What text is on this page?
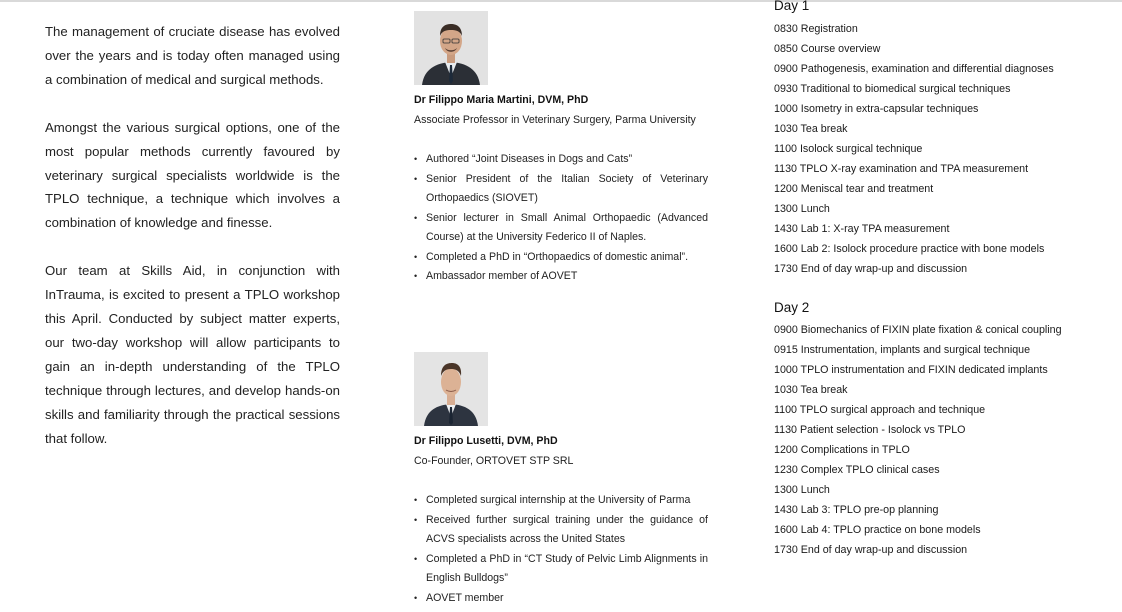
The management of cruciate disease has evolved over the years and is today often managed using a combination of medical and surgical methods.

Amongst the various surgical options, one of the most popular methods currently favoured by veterinary surgical specialists worldwide is the TPLO technique, a technique which involves a combination of knowledge and finesse.

Our team at Skills Aid, in conjunction with InTrauma, is excited to present a TPLO workshop this April. Conducted by subject matter experts, our two-day workshop will allow participants to gain an in-depth understanding of the TPLO technique through lectures, and develop hands-on skills and familiarity through the practical sessions that follow.

Dr Filippo Maria Martini, DVM, PhD
Associate Professor in Veterinary Surgery, Parma University
• Authored “Joint Diseases in Dogs and Cats”
• Senior President of the Italian Society of Veterinary Orthopaedics (SIOVET)
• Senior lecturer in Small Animal Orthopaedic (Advanced Course) at the University Federico II of Naples.
• Completed a PhD in “Orthopaedics of domestic animal”.
• Ambassador member of AOVET
Dr Filippo Lusetti, DVM, PhD
Co-Founder, ORTOVET STP SRL
• Completed surgical internship at the University of Parma
• Received further surgical training under the guidance of ACVS specialists across the United States
• Completed a PhD in “CT Study of Pelvic Limb Alignments in English Bulldogs”
• AOVET member
Day 1
0830 Registration
0850 Course overview
0900 Pathogenesis, examination and differential diagnoses
0930 Traditional to biomedical surgical techniques
1000 Isometry in extra-capsular techniques
1030 Tea break
1100 Isolock surgical technique
1130 TPLO X-ray examination and TPA measurement
1200 Meniscal tear and treatment
1300 Lunch
1430 Lab 1: X-ray TPA measurement
1600 Lab 2: Isolock procedure practice with bone models
1730 End of day wrap-up and discussion
Day 2
0900 Biomechanics of FIXIN plate fixation & conical coupling
0915 Instrumentation, implants and surgical technique
1000 TPLO instrumentation and FIXIN dedicated implants
1030 Tea break
1100 TPLO surgical approach and technique
1130 Patient selection - Isolock vs TPLO
1200 Complications in TPLO
1230 Complex TPLO clinical cases
1300 Lunch
1430 Lab 3: TPLO pre-op planning
1600 Lab 4: TPLO practice on bone models
1730 End of day wrap-up and discussion
